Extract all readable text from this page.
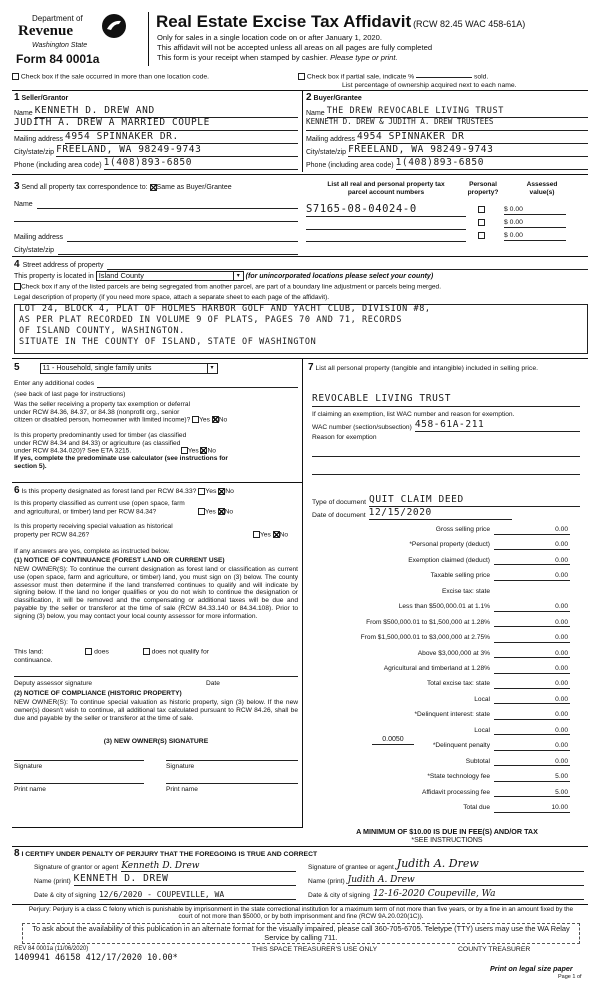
Department of
Revenue
Washington State
Form 84 0001a
Real Estate Excise Tax Affidavit (RCW 82.45 WAC 458-61A)
Only for sales in a single location code on or after January 1, 2020.
This affidavit will not be accepted unless all areas on all pages are fully completed
This form is your receipt when stamped by cashier. Please type or print.
Check box if the sale occurred in more than one location code.	Check box if partial sale, indicate %	sold.
List percentage of ownership acquired next to each name.
1 Seller/Grantor
Name KENNETH D. DREW AND
JUDITH A. DREW A MARRIED COUPLE
Mailing address 4954 SPINNAKER DR.
City/state/zip FREELAND, WA 98249-9743
Phone (including area code) 1(408)893-6850
2 Buyer/Grantee
Name THE DREW REVOCABLE LIVING TRUST
KENNETH D. DREW & JUDITH A. DREW TRUSTEES
Mailing address 4954 SPINNAKER DR
City/state/zip FREELAND, WA 98249-9743
Phone (including area code) 1(408)893-6850
3 Send all property tax correspondence to: Same as Buyer/Grantee
Name
Mailing address
City/state/zip
List all real and personal property tax
parcel account numbers
Personal
property?
Assessed
value(s)
S7165-08-04024-0	$ 0.00
$ 0.00
$ 0.00
4 Street address of property
This property is located in Island County	▾ (for unincorporated locations please select your county)
Check box if any of the listed parcels are being segregated from another parcel, are part of a boundary line adjustment or parcels being merged.
Legal description of property (if you need more space, attach a separate sheet to each page of the affidavit).
LOT 24, BLOCK 4, PLAT OF HOLMES HARBOR GOLF AND YACHT CLUB, DIVISION #8,
AS PER PLAT RECORDED IN VOLUME 9 OF PLATS, PAGES 70 AND 71, RECORDS
OF ISLAND COUNTY, WASHINGTON.
SITUATE IN THE COUNTY OF ISLAND, STATE OF WASHINGTON
5	11 - Household, single family units	▾
Enter any additional codes
(see back of last page for instructions)
Was the seller receiving a property tax exemption or deferral
under RCW 84.36, 84.37, or 84.38 (nonprofit org., senior
citizen or disabled person, homeowner with limited income)? Yes No
Is this property predominantly used for timber (as classified
under RCW 84.34 and 84.33) or agriculture (as classified
under RCW 84.34.020)? See ETA 3215.	Yes No
If yes, complete the predominate use calculator (see instructions for
section 5).
6 Is this property designated as forest land per RCW 84.33? Yes No
Is this property classified as current use (open space, farm
and agricultural, or timber) land per RCW 84.34?	Yes No
Is this property receiving special valuation as historical
property per RCW 84.26?	Yes No
If any answers are yes, complete as instructed below.
(1) NOTICE OF CONTINUANCE (FOREST LAND OR CURRENT USE)
NEW OWNER(S): To continue the current designation as forest land or classification as current use (open space, farm and agriculture, or timber) land, you must sign on (3) below. The county assessor must then determine if the land transferred continues to qualify and will indicate by signing below. If the land no longer qualifies or you do not wish to continue the designation or classification, it will be removed and the compensating or additional taxes will be due and payable by the seller or transferor at the time of sale (RCW 84.33.140 or 84.34.108). Prior to signing (3) below, you may contact your local county assessor for more information.
This land:	does	does not qualify for
continuance.
Deputy assessor signature	Date
(2) NOTICE OF COMPLIANCE (HISTORIC PROPERTY)
NEW OWNER(S): To continue special valuation as historic property, sign (3) below. If the new owner(s) doesn't wish to continue, all additional tax calculated pursuant to RCW 84.26, shall be due and payable by the seller or transferor at the time of sale.
(3) NEW OWNER(S) SIGNATURE
Signature	Signature
Print name	Print name
7 List all personal property (tangible and intangible) included in selling price.
REVOCABLE LIVING TRUST
If claiming an exemption, list WAC number and reason for exemption.
WAC number (section/subsection) 458-61A-211
Reason for exemption
Type of document QUIT CLAIM DEED
Date of document 12/15/2020
Gross selling price	0.00
*Personal property (deduct)	0.00
Exemption claimed (deduct)	0.00
Taxable selling price	0.00
Excise tax: state
Less than $500,000.01 at 1.1%	0.00
From $500,000.01 to $1,500,000 at 1.28%	0.00
From $1,500,000.01 to $3,000,000 at 2.75%	0.00
Above $3,000,000 at 3%	0.00
Agricultural and timberland at 1.28%	0.00
Total excise tax: state	0.00
Local	0.00
*Delinquent interest: state	0.00
Local	0.00
*Delinquent penalty	0.00
Subtotal	0.00
*State technology fee	5.00
Affidavit processing fee	5.00
Total due	10.00
0.0050
A MINIMUM OF $10.00 IS DUE IN FEE(S) AND/OR TAX
*SEE INSTRUCTIONS
8 I CERTIFY UNDER PENALTY OF PERJURY THAT THE FOREGOING IS TRUE AND CORRECT
Signature of grantor or agent Kenneth D. Drew
Name (print) KENNETH D. DREW
Date & city of signing 12/6/2020 - COUPEVILLE, WA
Signature of grantee or agent Judith A. Drew
Name (print) Judith A. Drew
Date & city of signing 12-16-2020 Coupeville, Wa
Perjury: Perjury is a class C felony which is punishable by imprisonment in the state correctional institution for a maximum term of not more than five years, or by a fine in an amount fixed by the court of not more than $5000, or by both imprisonment and fine (RCW 9A.20.020(1C)).
To ask about the availability of this publication in an alternate format for the visually impaired, please call 360-705-6705. Teletype (TTY) users may use the WA Relay Service by calling 711.
REV 84 0001a (11/06/2020)
1409941 46158 412/17/2020 10.00*
THIS SPACE TREASURER'S USE ONLY	COUNTY TREASURER
Print on legal size paper
Page 1 of
